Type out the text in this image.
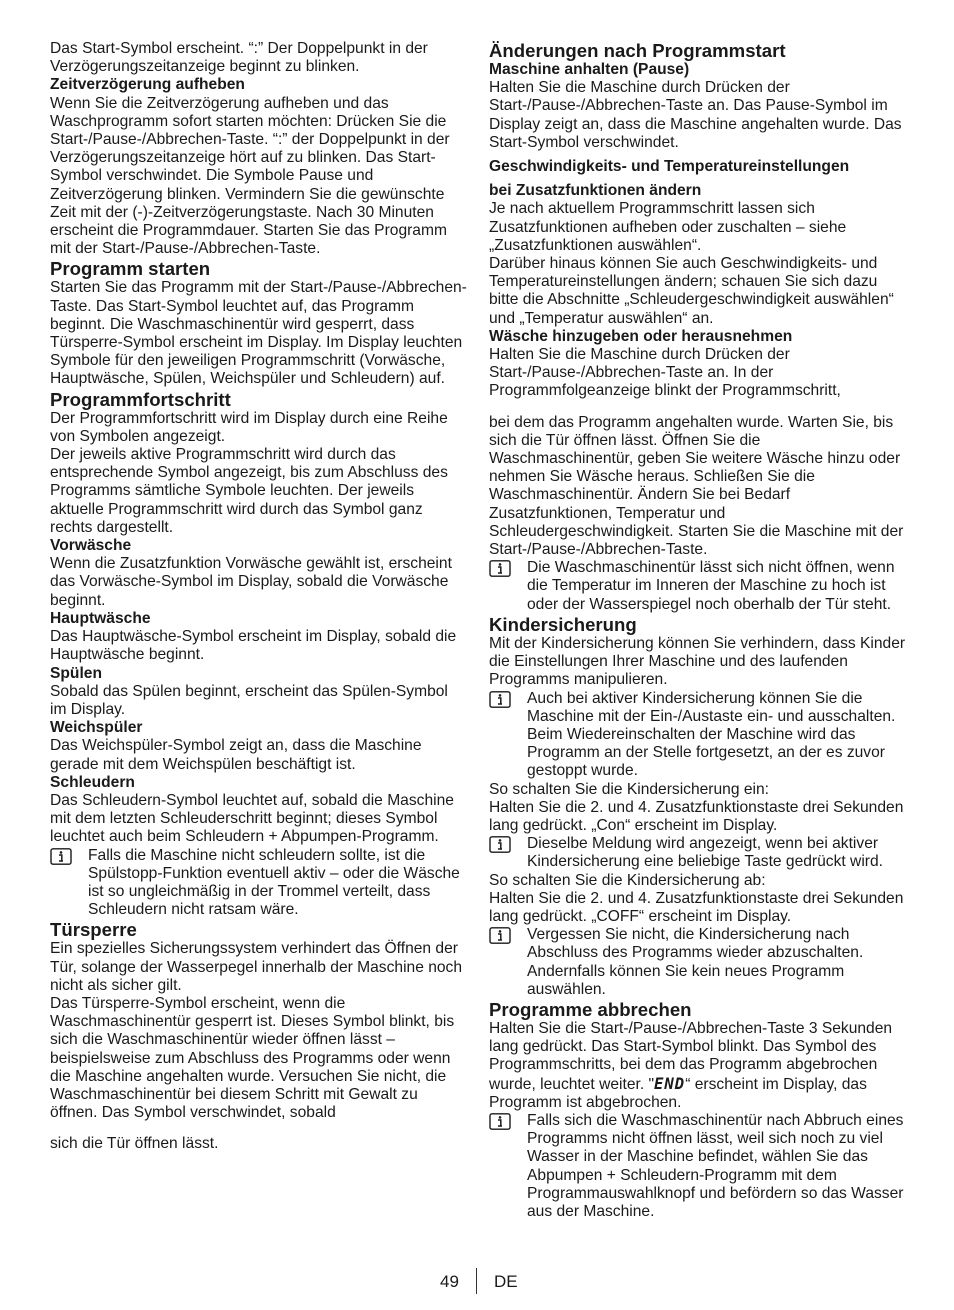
Das Start-Symbol erscheint. “:” Der Doppelpunkt in der Verzögerungszeitanzeige beginnt zu blinken.

Zeitverzögerung aufheben

Wenn Sie die Zeitverzögerung aufheben und das Waschprogramm sofort starten möchten: Drücken Sie die Start-/Pause-/Abbrechen-Taste. “:” der Doppelpunkt in der Verzögerungszeitanzeige hört auf zu blinken. Das Start-Symbol verschwindet. Die Symbole Pause und Zeitverzögerung blinken. Vermindern Sie die gewünschte Zeit mit der (-)-Zeitverzögerungstaste. Nach 30 Minuten erscheint die Programmdauer. Starten Sie das Programm mit der Start-/Pause-/Abbrechen-Taste.

Programm starten

Starten Sie das Programm mit der Start-/Pause-/Abbrechen-Taste. Das Start-Symbol leuchtet auf, das Programm beginnt. Die Waschmaschinentür wird gesperrt, dass Türsperre-Symbol erscheint im Display. Im Display leuchten Symbole für den jeweiligen Programmschritt (Vorwäsche, Hauptwäsche, Spülen, Weichspüler und Schleudern) auf.

Programmfortschritt

Der Programmfortschritt wird im Display durch eine Reihe von Symbolen angezeigt.

Der jeweils aktive Programmschritt wird durch das entsprechende Symbol angezeigt, bis zum Abschluss des Programms sämtliche Symbole leuchten. Der jeweils aktuelle Programmschritt wird durch das Symbol ganz rechts dargestellt.

Vorwäsche

Wenn die Zusatzfunktion Vorwäsche gewählt ist, erscheint das Vorwäsche-Symbol im Display, sobald die Vorwäsche beginnt.

Hauptwäsche

Das Hauptwäsche-Symbol erscheint im Display, sobald die Hauptwäsche beginnt.

Spülen

Sobald das Spülen beginnt, erscheint das Spülen-Symbol im Display.

Weichspüler

Das Weichspüler-Symbol zeigt an, dass die Maschine gerade mit dem Weichspülen beschäftigt ist.

Schleudern

Das Schleudern-Symbol leuchtet auf, sobald die Maschine mit dem letzten Schleuderschritt beginnt; dieses Symbol leuchtet auch beim Schleudern + Abpumpen-Programm.

Falls die Maschine nicht schleudern sollte, ist die Spülstopp-Funktion eventuell aktiv – oder die Wäsche ist so ungleichmäßig in der Trommel verteilt, dass Schleudern nicht ratsam wäre.

Türsperre

Ein spezielles Sicherungssystem verhindert das Öffnen der Tür, solange der Wasserpegel innerhalb der Maschine noch nicht als sicher gilt.

Das Türsperre-Symbol erscheint, wenn die Waschmaschinentür gesperrt ist. Dieses Symbol blinkt, bis sich die Waschmaschinentür wieder öffnen lässt – beispielsweise zum Abschluss des Programms oder wenn die Maschine angehalten wurde. Versuchen Sie nicht, die Waschmaschinentür bei diesem Schritt mit Gewalt zu öffnen. Das Symbol verschwindet, sobald

sich die Tür öffnen lässt.

Änderungen nach Programmstart

Maschine anhalten (Pause)

Halten Sie die Maschine durch Drücken der Start-/Pause-/Abbrechen-Taste an. Das Pause-Symbol im Display zeigt an, dass die Maschine angehalten wurde. Das Start-Symbol verschwindet.

Geschwindigkeits- und Temperatureinstellungen

bei Zusatzfunktionen ändern

Je nach aktuellem Programmschritt lassen sich Zusatzfunktionen aufheben oder zuschalten – siehe „Zusatzfunktionen auswählen“.

Darüber hinaus können Sie auch Geschwindigkeits- und Temperatureinstellungen ändern; schauen Sie sich dazu bitte die Abschnitte „Schleudergeschwindigkeit auswählen“ und „Temperatur auswählen“ an.

Wäsche hinzugeben oder herausnehmen

Halten Sie die Maschine durch Drücken der Start-/Pause-/Abbrechen-Taste an. In der Programmfolgeanzeige blinkt der Programmschritt,

bei dem das Programm angehalten wurde. Warten Sie, bis sich die Tür öffnen lässt. Öffnen Sie die Waschmaschinentür, geben Sie weitere Wäsche hinzu oder nehmen Sie Wäsche heraus. Schließen Sie die Waschmaschinentür. Ändern Sie bei Bedarf Zusatzfunktionen, Temperatur und Schleudergeschwindigkeit. Starten Sie die Maschine mit der Start-/Pause-/Abbrechen-Taste.

Die Waschmaschinentür lässt sich nicht öffnen, wenn die Temperatur im Inneren der Maschine zu hoch ist oder der Wasserspiegel noch oberhalb der Tür steht.

Kindersicherung

Mit der Kindersicherung können Sie verhindern, dass Kinder die Einstellungen Ihrer Maschine und des laufenden Programms manipulieren.

Auch bei aktiver Kindersicherung können Sie die Maschine mit der Ein-/Austaste ein- und ausschalten. Beim Wiedereinschalten der Maschine wird das Programm an der Stelle fortgesetzt, an der es zuvor gestoppt wurde.

So schalten Sie die Kindersicherung ein:

Halten Sie die 2. und 4. Zusatzfunktionstaste drei Sekunden lang gedrückt. „Con“ erscheint im Display.

Dieselbe Meldung wird angezeigt, wenn bei aktiver Kindersicherung eine beliebige Taste gedrückt wird.

So schalten Sie die Kindersicherung ab:

Halten Sie die 2. und 4. Zusatzfunktionstaste drei Sekunden lang gedrückt. „COFF“ erscheint im Display.

Vergessen Sie nicht, die Kindersicherung nach Abschluss des Programms wieder abzuschalten. Andernfalls können Sie kein neues Programm auswählen.

Programme abbrechen

Halten Sie die Start-/Pause-/Abbrechen-Taste 3 Sekunden lang gedrückt. Das Start-Symbol blinkt. Das Symbol des Programmschritts, bei dem das Programm abgebrochen wurde, leuchtet weiter. "END“ erscheint im Display, das Programm ist abgebrochen.

Falls sich die Waschmaschinentür nach Abbruch eines Programms nicht öffnen lässt, weil sich noch zu viel Wasser in der Maschine befindet, wählen Sie das Abpumpen + Schleudern-Programm mit dem Programmauswahlknopf und befördern so das Wasser aus der Maschine.

49 DE
